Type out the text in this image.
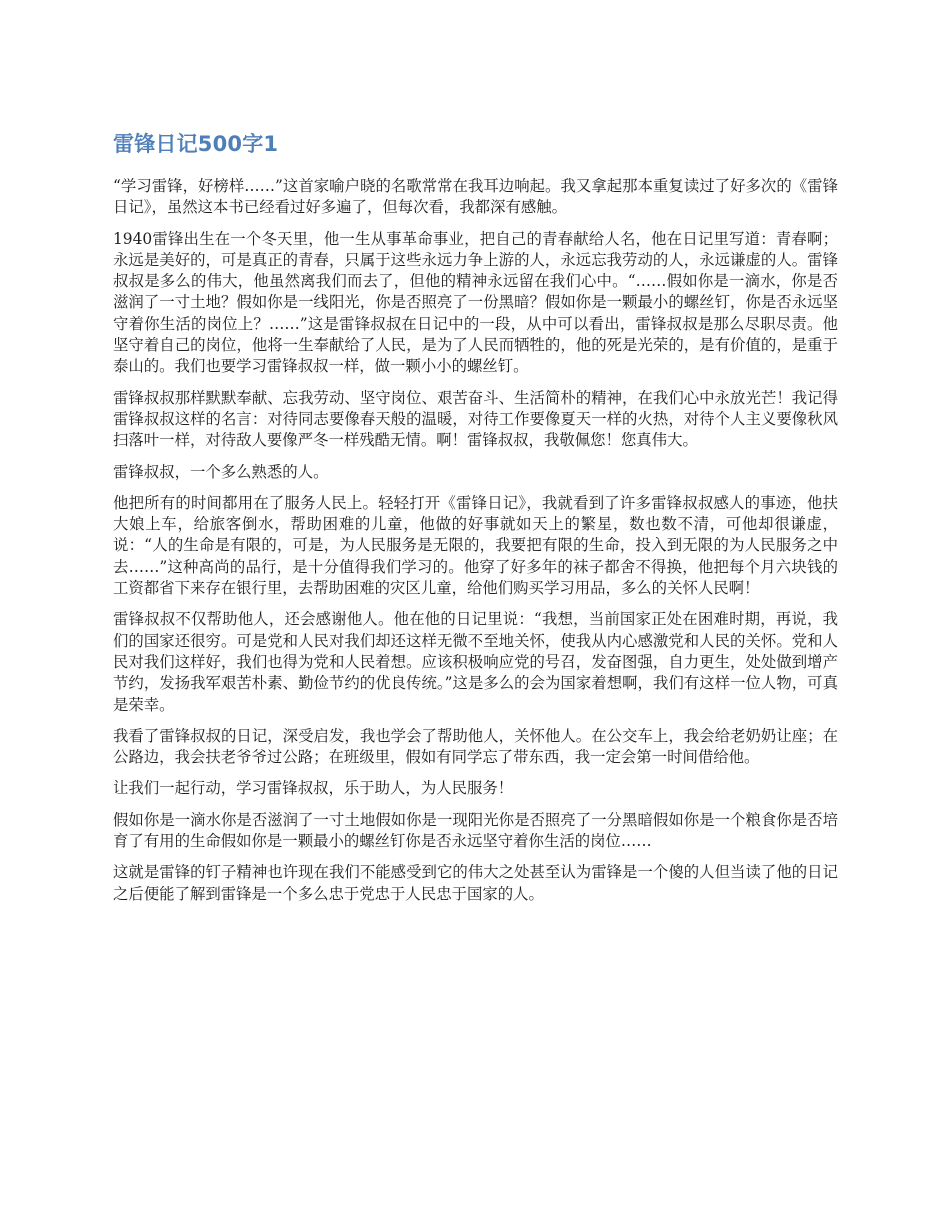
雷锋日记500字1

“学习雷锋，好榜样……”这首家喻户晓的名歌常常在我耳边响起。我又拿起那本重复读过了好多次的《雷锋日记》，虽然这本书已经看过好多遍了，但每次看，我都深有感触。

1940雷锋出生在一个冬天里，他一生从事革命事业，把自己的青春献给人名，他在日记里写道：青春啊；永远是美好的，可是真正的青春，只属于这些永远力争上游的人，永远忘我劳动的人，永远谦虚的人。雷锋叔叔是多么的伟大，他虽然离我们而去了，但他的精神永远留在我们心中。“……假如你是一滴水，你是否滋润了一寸土地？假如你是一线阳光，你是否照亮了一份黑暗？假如你是一颗最小的螺丝钉，你是否永远坚守着你生活的岗位上？……”这是雷锋叔叔在日记中的一段，从中可以看出，雷锋叔叔是那么尽职尽责。他坚守着自己的岗位，他将一生奉献给了人民，是为了人民而牺牲的，他的死是光荣的，是有价值的，是重于泰山的。我们也要学习雷锋叔叔一样，做一颗小小的螺丝钉。

雷锋叔叔那样默默奉献、忘我劳动、坚守岗位、艰苦奋斗、生活简朴的精神，在我们心中永放光芒！我记得雷锋叔叔这样的名言：对待同志要像春天般的温暖，对待工作要像夏天一样的火热，对待个人主义要像秋风扫落叶一样，对待敌人要像严冬一样残酷无情。啊！雷锋叔叔，我敬佩您！您真伟大。

雷锋叔叔，一个多么熟悉的人。

他把所有的时间都用在了服务人民上。轻轻打开《雷锋日记》，我就看到了许多雷锋叔叔感人的事迹，他扶大娘上车，给旅客倒水，帮助困难的儿童，他做的好事就如天上的繁星，数也数不清，可他却很谦虚，说：“人的生命是有限的，可是，为人民服务是无限的，我要把有限的生命，投入到无限的为人民服务之中去……”这种高尚的品行，是十分值得我们学习的。他穿了好多年的袜子都舍不得换，他把每个月六块钱的工资都省下来存在银行里，去帮助困难的灾区儿童，给他们购买学习用品，多么的关怀人民啊！

雷锋叔叔不仅帮助他人，还会感谢他人。他在他的日记里说：“我想，当前国家正处在困难时期，再说，我们的国家还很穷。可是党和人民对我们却还这样无微不至地关怀，使我从内心感激党和人民的关怀。党和人民对我们这样好，我们也得为党和人民着想。应该积极响应党的号召，发奋图强，自力更生，处处做到增产节约，发扬我军艰苦朴素、勤俭节约的优良传统。”这是多么的会为国家着想啊，我们有这样一位人物，可真是荣幸。

我看了雷锋叔叔的日记，深受启发，我也学会了帮助他人，关怀他人。在公交车上，我会给老奶奶让座；在公路边，我会扶老爷爷过公路；在班级里，假如有同学忘了带东西，我一定会第一时间借给他。

让我们一起行动，学习雷锋叔叔，乐于助人，为人民服务！

假如你是一滴水你是否滋润了一寸土地假如你是一现阳光你是否照亮了一分黑暗假如你是一个粮食你是否培育了有用的生命假如你是一颗最小的螺丝钉你是否永远坚守着你生活的岗位……

这就是雷锋的钉子精神也许现在我们不能感受到它的伟大之处甚至认为雷锋是一个傻的人但当读了他的日记之后便能了解到雷锋是一个多么忠于党忠于人民忠于国家的人。
